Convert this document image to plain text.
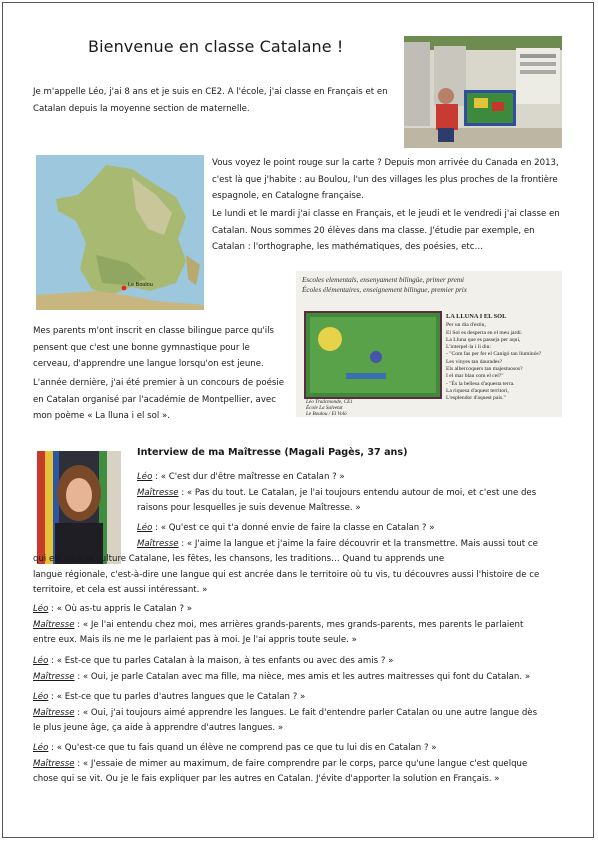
Bienvenue en classe Catalane !
Je m'appelle Léo, j'ai 8 ans et je suis en CE2. A l'école, j'ai classe en Français et en Catalan depuis la moyenne section de maternelle.
Le Boulou
Vous voyez le point rouge sur la carte ? Depuis mon arrivée du Canada en 2013, c'est là que j'habite : au Boulou, l'un des villages les plus proches de la frontière espagnole, en Catalogne française.
Le lundi et le mardi j'ai classe en Français, et le jeudi et le vendredi j'ai classe en Catalan. Nous sommes 20 élèves dans ma classe. J'étudie par exemple, en Catalan : l'orthographe, les mathématiques, des poésies, etc…
Escoles elementals, ensenyament bilingüe, primer premi
Écoles élémentaires, enseignement bilingue, premier prix
Léo Tradcmonde, CE1
École La Salvetat
Le Boulou / El Voló
LA LLUNA I EL SOL
Per un dia d'estiu,
El Sol es desperta en el meu jardí.
La Lluna que es passeja per aquí,
L'interpel·la i li diu:
- "Com fas per fer el Canigó tan lluminós?
Les vinyes tan daurades?
Els albercoquers tan majestuosos?
I el mar blau com el cel?"
- "És la bellesa d'aquesta terra.
La riquesa d'aquest territori,
L'esplendor d'aquest país."
Mes parents m'ont inscrit en classe bilingue parce qu'ils pensent que c'est une bonne gymnastique pour le cerveau, d'apprendre une langue lorsqu'on est jeune.
L'année dernière, j'ai été premier à un concours de poésie en Catalan organisé par l'académie de Montpellier, avec mon poème « La lluna i el sol ».
Interview de ma Maîtresse (Magali Pagès, 37 ans)
Léo : « C'est dur d'être maîtresse en Catalan ? »
Maîtresse : « Pas du tout. Le Catalan, je l'ai toujours entendu autour de moi, et c'est une des
raisons pour lesquelles je suis devenue Maîtresse. »
Léo : « Qu'est ce qui t'a donné envie de faire la classe en Catalan ? »
Maîtresse : « J'aime la langue et j'aime la faire découvrir et la transmettre. Mais aussi tout ce
qui est lié à la culture Catalane, les fêtes, les chansons, les traditions… Quand tu apprends une
langue régionale, c'est-à-dire une langue qui est ancrée dans le territoire où tu vis, tu découvres aussi l'histoire de ce
territoire, et cela est aussi intéressant. »
Léo : « Où as-tu appris le Catalan ? »
Maîtresse : « Je l'ai entendu chez moi, mes arrières grands-parents, mes grands-parents, mes parents le parlaient
entre eux. Mais ils ne me le parlaient pas à moi. Je l'ai appris toute seule. »
Léo : « Est-ce que tu parles Catalan à la maison, à tes enfants ou avec des amis ? »
Maîtresse : « Oui, je parle Catalan avec ma fille, ma nièce, mes amis et les autres maitresses qui font du Catalan. »
Léo : « Est-ce que tu parles d'autres langues que le Catalan ? »
Maîtresse : « Oui, j'ai toujours aimé apprendre les langues. Le fait d'entendre parler Catalan ou une autre langue dès
le plus jeune âge, ça aide à apprendre d'autres langues. »
Léo : « Qu'est-ce que tu fais quand un élève ne comprend pas ce que tu lui dis en Catalan ? »
Maîtresse : « J'essaie de mimer au maximum, de faire comprendre par le corps, parce qu'une langue c'est quelque
chose qui se vit. Ou je le fais expliquer par les autres en Catalan. J'évite d'apporter la solution en Français. »
